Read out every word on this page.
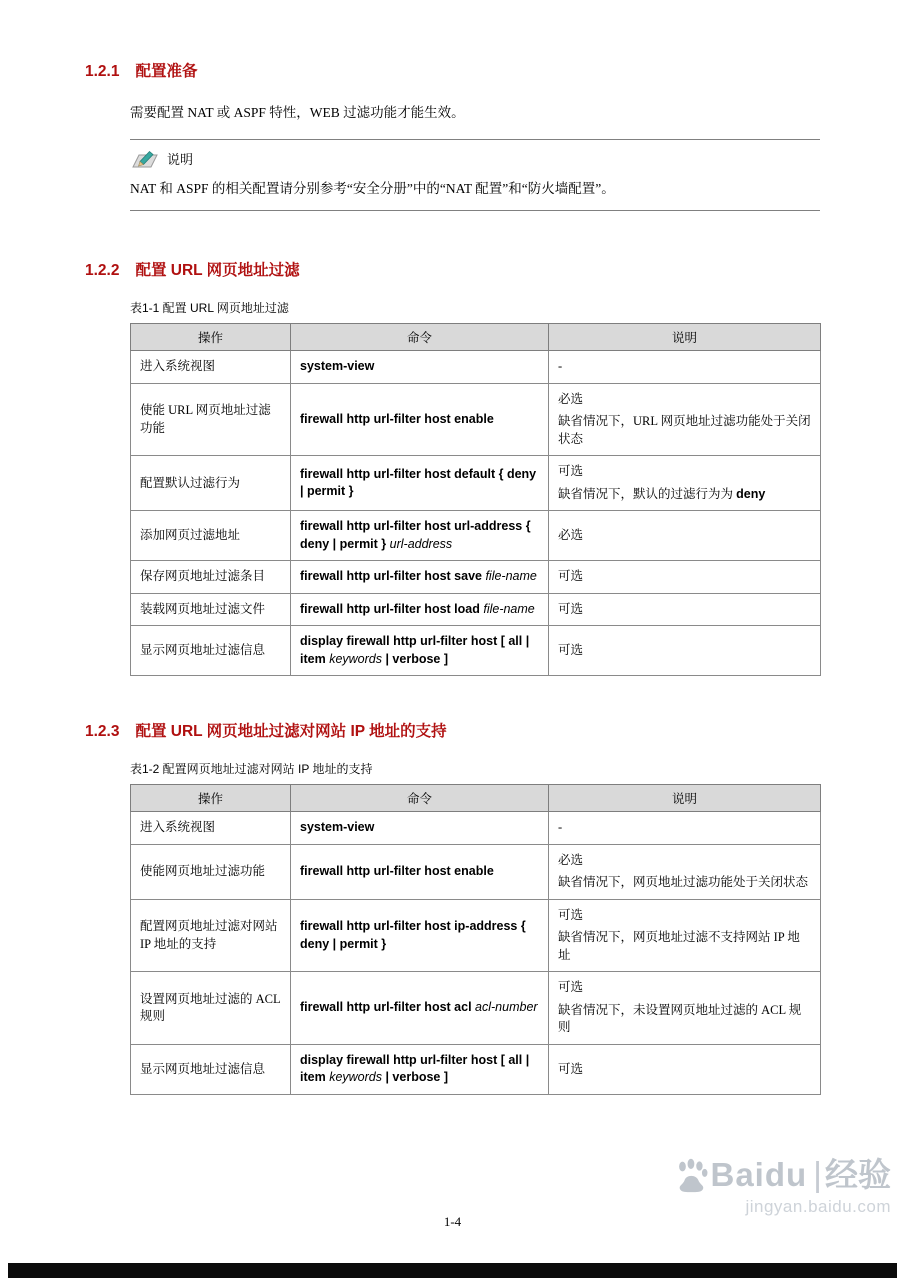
1.2.1 配置准备

需要配置 NAT 或 ASPF 特性，WEB 过滤功能才能生效。

说明
NAT 和 ASPF 的相关配置请分别参考“安全分册”中的“NAT 配置”和“防火墙配置”。
1.2.2 配置 URL 网页地址过滤
表1-1 配置 URL 网页地址过滤
操作	命令	说明
进入系统视图	system-view	-

使能 URL 网页地址过滤功能	firewall http url-filter host enable	必选
缺省情况下，URL 网页地址过滤功能处于关闭状态

配置默认过滤行为	firewall http url-filter host default { deny | permit }	可选
缺省情况下，默认的过滤行为为 deny

添加网页过滤地址	firewall http url-filter host url-address { deny | permit } url-address	必选

保存网页地址过滤条目	firewall http url-filter host save file-name	可选

装载网页地址过滤文件	firewall http url-filter host load file-name	可选

显示网页地址过滤信息	display firewall http url-filter host [ all | item keywords | verbose ]	可选
1.2.3 配置 URL 网页地址过滤对网站 IP 地址的支持
表1-2 配置网页地址过滤对网站 IP 地址的支持
操作	命令	说明
进入系统视图	system-view	-

使能网页地址过滤功能	firewall http url-filter host enable	必选
缺省情况下，网页地址过滤功能处于关闭状态

配置网页地址过滤对网站 IP 地址的支持	firewall http url-filter host ip-address { deny | permit }	可选
缺省情况下，网页地址过滤不支持网站 IP 地址

设置网页地址过滤的 ACL 规则	firewall http url-filter host acl acl-number	可选
缺省情况下，未设置网页地址过滤的 ACL 规则

显示网页地址过滤信息	display firewall http url-filter host [ all | item keywords | verbose ]	可选
1-4
Baidu | 经验
jingyan.baidu.com
